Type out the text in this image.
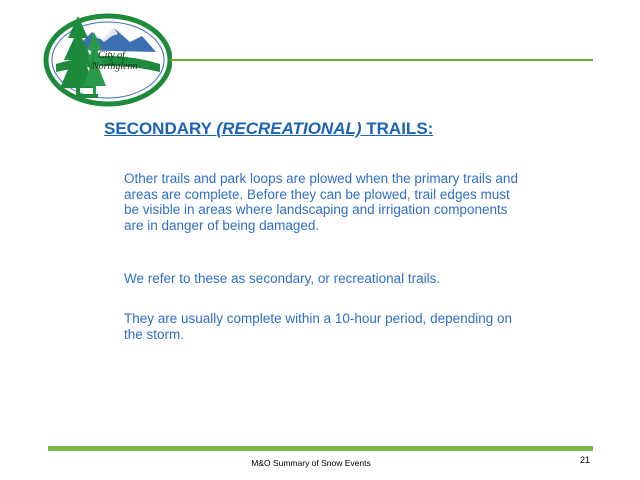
N City of
Northglenn
SECONDARY (RECREATIONAL) TRAILS:

Other trails and park loops are plowed when the primary trails and areas are complete. Before they can be plowed, trail edges must be visible in areas where landscaping and irrigation components are in danger of being damaged.

We refer to these as secondary, or recreational trails.

They are usually complete within a 10-hour period, depending on the storm.

M&O Summary of Snow Events	21
